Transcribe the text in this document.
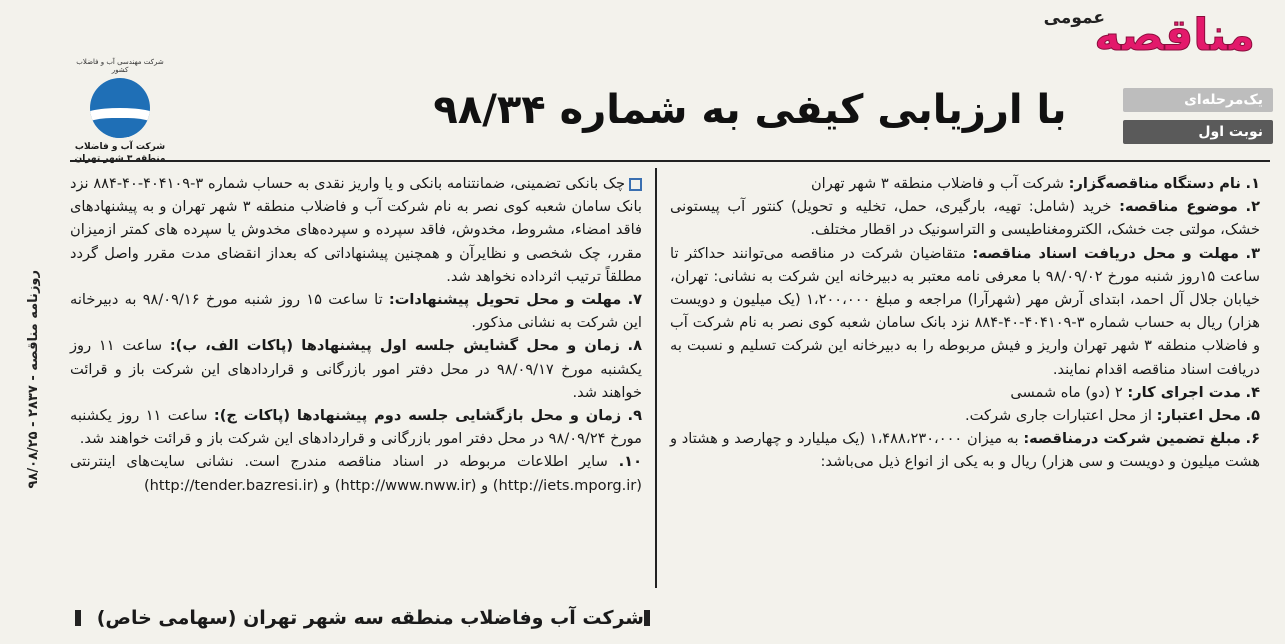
مناقصه
عمومی
با ارزیابی کیفی به شماره ۹۸/۳۴	یک‌مرحله‌ای
نوبت اول
شرکت مهندسی آب و فاضلاب کشور
شرکت آب و فاضلاب
منطقه ۳ شهر تهران
روزنامه مناقصه - ۲۸۳۷ - ۹۸/۰۸/۲۵

۱. نام دستگاه مناقصه‌گزار: شرکت آب و فاضلاب منطقه ۳ شهر تهران

۲. موضوع مناقصه: خرید (شامل: تهیه، بارگیری، حمل، تخلیه و تحویل) کنتور آب پیستونی خشک، مولتی جت خشک، الکترومغناطیسی و التراسونیک در اقطار مختلف.

۳. مهلت و محل دریافت اسناد مناقصه: متقاضیان شرکت در مناقصه می‌توانند حداکثر تا ساعت ۱۵روز شنبه مورخ ۹۸/۰۹/۰۲ با معرفی نامه معتبر به دبیرخانه این شرکت به نشانی: تهران، خیابان جلال آل احمد، ابتدای آرش مهر (شهرآرا) مراجعه و مبلغ ۱،۲۰۰،۰۰۰ (یک میلیون و دویست هزار) ریال به حساب شماره ۳-۴۰۴۱۰۹-۴۰-۸۸۴ نزد بانک سامان شعبه کوی نصر به نام شرکت آب و فاضلاب منطقه ۳ شهر تهران واریز و فیش مربوطه را به دبیرخانه این شرکت تسلیم و نسبت به دریافت اسناد مناقصه اقدام نمایند.

۴. مدت اجرای کار: ۲ (دو) ماه شمسی

۵. محل اعتبار: از محل اعتبارات جاری شرکت.

۶. مبلغ تضمین شرکت درمناقصه: به میزان ۱،۴۸۸،۲۳۰،۰۰۰ (یک میلیارد و چهارصد و هشتاد و هشت میلیون و دویست و سی هزار) ریال و به یکی از انواع ذیل می‌باشد:

چک بانکی تضمینی، ضمانتنامه بانکی و یا واریز نقدی به حساب شماره ۳-۴۰۴۱۰۹-۴۰-۸۸۴ نزد بانک سامان شعبه کوی نصر به نام شرکت آب و فاضلاب منطقه ۳ شهر تهران و به پیشنهادهای فاقد امضاء، مشروط، مخدوش، فاقد سپرده و سپرده‌های مخدوش یا سپرده های کمتر ازمیزان مقرر، چک شخصی و نظایرآن و همچنین پیشنهاداتی که بعداز انقضای مدت مقرر واصل گردد مطلقاً ترتیب اثرداده نخواهد شد.

۷. مهلت و محل تحویل پیشنهادات: تا ساعت ۱۵ روز شنبه مورخ ۹۸/۰۹/۱۶ به دبیرخانه این شرکت به نشانی مذکور.

۸. زمان و محل گشایش جلسه اول پیشنهادها (پاکات الف، ب): ساعت ۱۱ روز یکشنبه مورخ ۹۸/۰۹/۱۷ در محل دفتر امور بازرگانی و قراردادهای این شرکت باز و قرائت خواهند شد.

۹. زمان و محل بازگشایی جلسه دوم پیشنهادها (پاکات ج): ساعت ۱۱ روز یکشنبه مورخ ۹۸/۰۹/۲۴ در محل دفتر امور بازرگانی و قراردادهای این شرکت باز و قرائت خواهند شد.

۱۰. سایر اطلاعات مربوطه در اسناد مناقصه مندرج است. نشانی سایت‌های اینترنتی (http://iets.mporg.ir) و (http://www.nww.ir) و (http://tender.bazresi.ir)

شرکت آب وفاضلاب منطقه سه شهر تهران (سهامی خاص)
